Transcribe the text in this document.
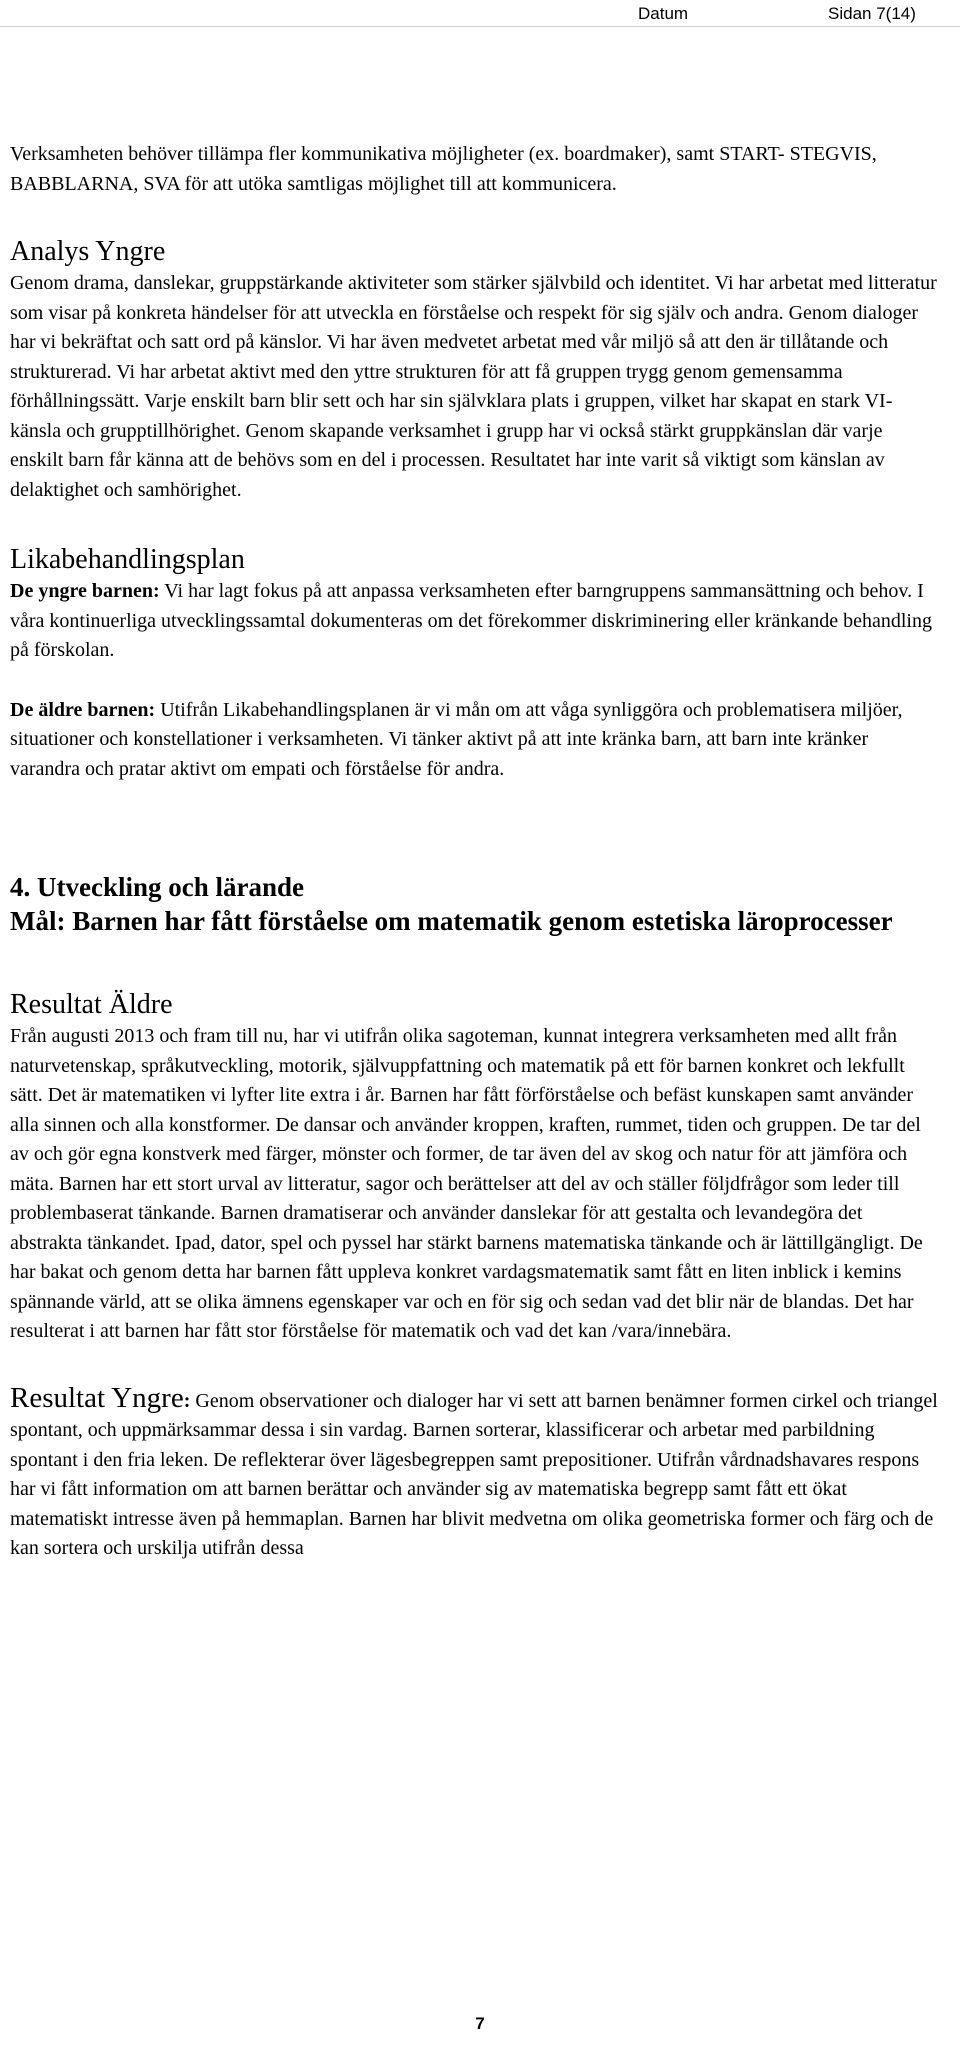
Datum	Sidan 7(14)

Verksamheten behöver tillämpa fler kommunikativa möjligheter (ex. boardmaker), samt START- STEGVIS, BABBLARNA, SVA för att utöka samtligas möjlighet till att kommunicera.

Analys Yngre

Genom drama, danslekar, gruppstärkande aktiviteter som stärker självbild och identitet. Vi har arbetat med litteratur som visar på konkreta händelser för att utveckla en förståelse och respekt för sig själv och andra. Genom dialoger har vi bekräftat och satt ord på känslor. Vi har även medvetet arbetat med vår miljö så att den är tillåtande och strukturerad. Vi har arbetat aktivt med den yttre strukturen för att få gruppen trygg genom gemensamma förhållningssätt. Varje enskilt barn blir sett och har sin självklara plats i gruppen, vilket har skapat en stark VI-känsla och grupptillhörighet. Genom skapande verksamhet i grupp har vi också stärkt gruppkänslan där varje enskilt barn får känna att de behövs som en del i processen. Resultatet har inte varit så viktigt som känslan av delaktighet och samhörighet.

Likabehandlingsplan

De yngre barnen: Vi har lagt fokus på att anpassa verksamheten efter barngruppens sammansättning och behov. I våra kontinuerliga utvecklingssamtal dokumenteras om det förekommer diskriminering eller kränkande behandling på förskolan.

De äldre barnen: Utifrån Likabehandlingsplanen är vi mån om att våga synliggöra och problematisera miljöer, situationer och konstellationer i verksamheten. Vi tänker aktivt på att inte kränka barn, att barn inte kränker varandra och pratar aktivt om empati och förståelse för andra.

4. Utveckling och lärande
Mål: Barnen har fått förståelse om matematik genom estetiska läroprocesser
Resultat Äldre

Från augusti 2013 och fram till nu, har vi utifrån olika sagoteman, kunnat integrera verksamheten med allt från naturvetenskap, språkutveckling, motorik, självuppfattning och matematik på ett för barnen konkret och lekfullt sätt. Det är matematiken vi lyfter lite extra i år. Barnen har fått förförståelse och befäst kunskapen samt använder alla sinnen och alla konstformer. De dansar och använder kroppen, kraften, rummet, tiden och gruppen. De tar del av och gör egna konstverk med färger, mönster och former, de tar även del av skog och natur för att jämföra och mäta. Barnen har ett stort urval av litteratur, sagor och berättelser att del av och ställer följdfrågor som leder till problembaserat tänkande. Barnen dramatiserar och använder danslekar för att gestalta och levandegöra det abstrakta tänkandet. Ipad, dator, spel och pyssel har stärkt barnens matematiska tänkande och är lättillgängligt. De har bakat och genom detta har barnen fått uppleva konkret vardagsmatematik samt fått en liten inblick i kemins spännande värld, att se olika ämnens egenskaper var och en för sig och sedan vad det blir när de blandas. Det har resulterat i att barnen har fått stor förståelse för matematik och vad det kan /vara/innebära.

Resultat Yngre: Genom observationer och dialoger har vi sett att barnen benämner formen cirkel och triangel spontant, och uppmärksammar dessa i sin vardag. Barnen sorterar, klassificerar och arbetar med parbildning spontant i den fria leken. De reflekterar över lägesbegreppen samt prepositioner. Utifrån vårdnadshavares respons har vi fått information om att barnen berättar och använder sig av matematiska begrepp samt fått ett ökat matematiskt intresse även på hemmaplan. Barnen har blivit medvetna om olika geometriska former och färg och de kan sortera och urskilja utifrån dessa

7
